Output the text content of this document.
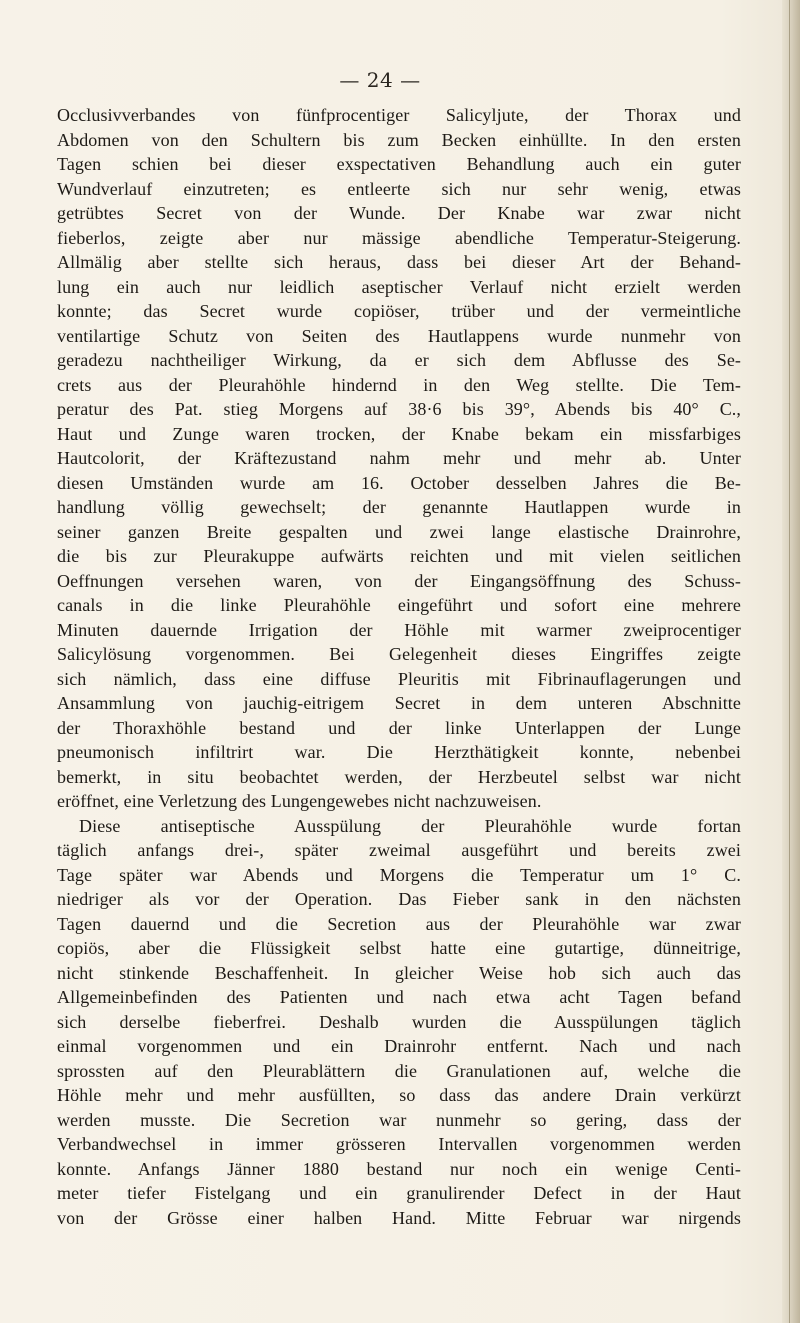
— 24 —
Occlusivverbandes von fünfprocentiger Salicyljute, der Thorax und
Abdomen von den Schultern bis zum Becken einhüllte. In den ersten
Tagen schien bei dieser exspectativen Behandlung auch ein guter
Wundverlauf einzutreten; es entleerte sich nur sehr wenig, etwas
getrübtes Secret von der Wunde. Der Knabe war zwar nicht
fieberlos, zeigte aber nur mässige abendliche Temperatur-Steigerung.
Allmälig aber stellte sich heraus, dass bei dieser Art der Behand-
lung ein auch nur leidlich aseptischer Verlauf nicht erzielt werden
konnte; das Secret wurde copiöser, trüber und der vermeintliche
ventilartige Schutz von Seiten des Hautlappens wurde nunmehr von
geradezu nachtheiliger Wirkung, da er sich dem Abflusse des Se-
crets aus der Pleurahöhle hindernd in den Weg stellte. Die Tem-
peratur des Pat. stieg Morgens auf 38·6 bis 39°, Abends bis 40° C.,
Haut und Zunge waren trocken, der Knabe bekam ein missfarbiges
Hautcolorit, der Kräftezustand nahm mehr und mehr ab. Unter
diesen Umständen wurde am 16. October desselben Jahres die Be-
handlung völlig gewechselt; der genannte Hautlappen wurde in
seiner ganzen Breite gespalten und zwei lange elastische Drainrohre,
die bis zur Pleurakuppe aufwärts reichten und mit vielen seitlichen
Oeffnungen versehen waren, von der Eingangsöffnung des Schuss-
canals in die linke Pleurahöhle eingeführt und sofort eine mehrere
Minuten dauernde Irrigation der Höhle mit warmer zweiprocentiger
Salicylösung vorgenommen. Bei Gelegenheit dieses Eingriffes zeigte
sich nämlich, dass eine diffuse Pleuritis mit Fibrinauflagerungen und
Ansammlung von jauchig-eitrigem Secret in dem unteren Abschnitte
der Thoraxhöhle bestand und der linke Unterlappen der Lunge
pneumonisch infiltrirt war. Die Herzthätigkeit konnte, nebenbei
bemerkt, in situ beobachtet werden, der Herzbeutel selbst war nicht
eröffnet, eine Verletzung des Lungengewebes nicht nachzuweisen.
Diese antiseptische Ausspülung der Pleurahöhle wurde fortan
täglich anfangs drei-, später zweimal ausgeführt und bereits zwei
Tage später war Abends und Morgens die Temperatur um 1° C.
niedriger als vor der Operation. Das Fieber sank in den nächsten
Tagen dauernd und die Secretion aus der Pleurahöhle war zwar
copiös, aber die Flüssigkeit selbst hatte eine gutartige, dünneitrige,
nicht stinkende Beschaffenheit. In gleicher Weise hob sich auch das
Allgemeinbefinden des Patienten und nach etwa acht Tagen befand
sich derselbe fieberfrei. Deshalb wurden die Ausspülungen täglich
einmal vorgenommen und ein Drainrohr entfernt. Nach und nach
sprossten auf den Pleurablättern die Granulationen auf, welche die
Höhle mehr und mehr ausfüllten, so dass das andere Drain verkürzt
werden musste. Die Secretion war nunmehr so gering, dass der
Verbandwechsel in immer grösseren Intervallen vorgenommen werden
konnte. Anfangs Jänner 1880 bestand nur noch ein wenige Centi-
meter tiefer Fistelgang und ein granulirender Defect in der Haut
von der Grösse einer halben Hand. Mitte Februar war nirgends
